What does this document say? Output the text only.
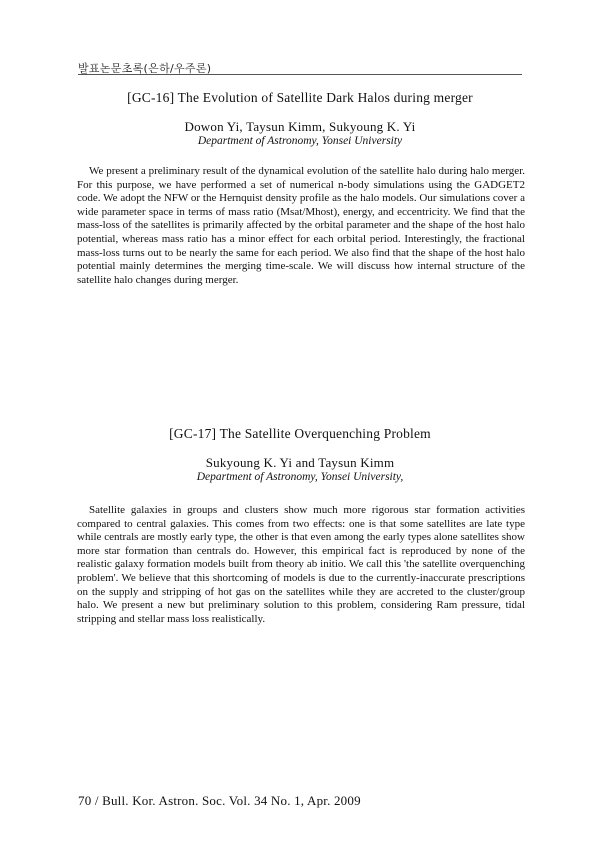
발표논문초록(은하/우주론)
[GC-16] The Evolution of Satellite Dark Halos during merger
Dowon Yi, Taysun Kimm, Sukyoung K. Yi
Department of Astronomy, Yonsei University

We present a preliminary result of the dynamical evolution of the satellite halo during halo merger. For this purpose, we have performed a set of numerical n-body simulations using the GADGET2 code. We adopt the NFW or the Hernquist density profile as the halo models. Our simulations cover a wide parameter space in terms of mass ratio (Msat/Mhost), energy, and eccentricity. We find that the mass-loss of the satellites is primarily affected by the orbital parameter and the shape of the host halo potential, whereas mass ratio has a minor effect for each orbital period. Interestingly, the fractional mass-loss turns out to be nearly the same for each period. We also find that the shape of the host halo potential mainly determines the merging time-scale. We will discuss how internal structure of the satellite halo changes during merger.

[GC-17] The Satellite Overquenching Problem
Sukyoung K. Yi and Taysun Kimm
Department of Astronomy, Yonsei University,

Satellite galaxies in groups and clusters show much more rigorous star formation activities compared to central galaxies. This comes from two effects: one is that some satellites are late type while centrals are mostly early type, the other is that even among the early types alone satellites show more star formation than centrals do. However, this empirical fact is reproduced by none of the realistic galaxy formation models built from theory ab initio. We call this 'the satellite overquenching problem'. We believe that this shortcoming of models is due to the currently-inaccurate prescriptions on the supply and stripping of hot gas on the satellites while they are accreted to the cluster/group halo. We present a new but preliminary solution to this problem, considering Ram pressure, tidal stripping and stellar mass loss realistically.

70 / Bull. Kor. Astron. Soc. Vol. 34 No. 1, Apr. 2009
